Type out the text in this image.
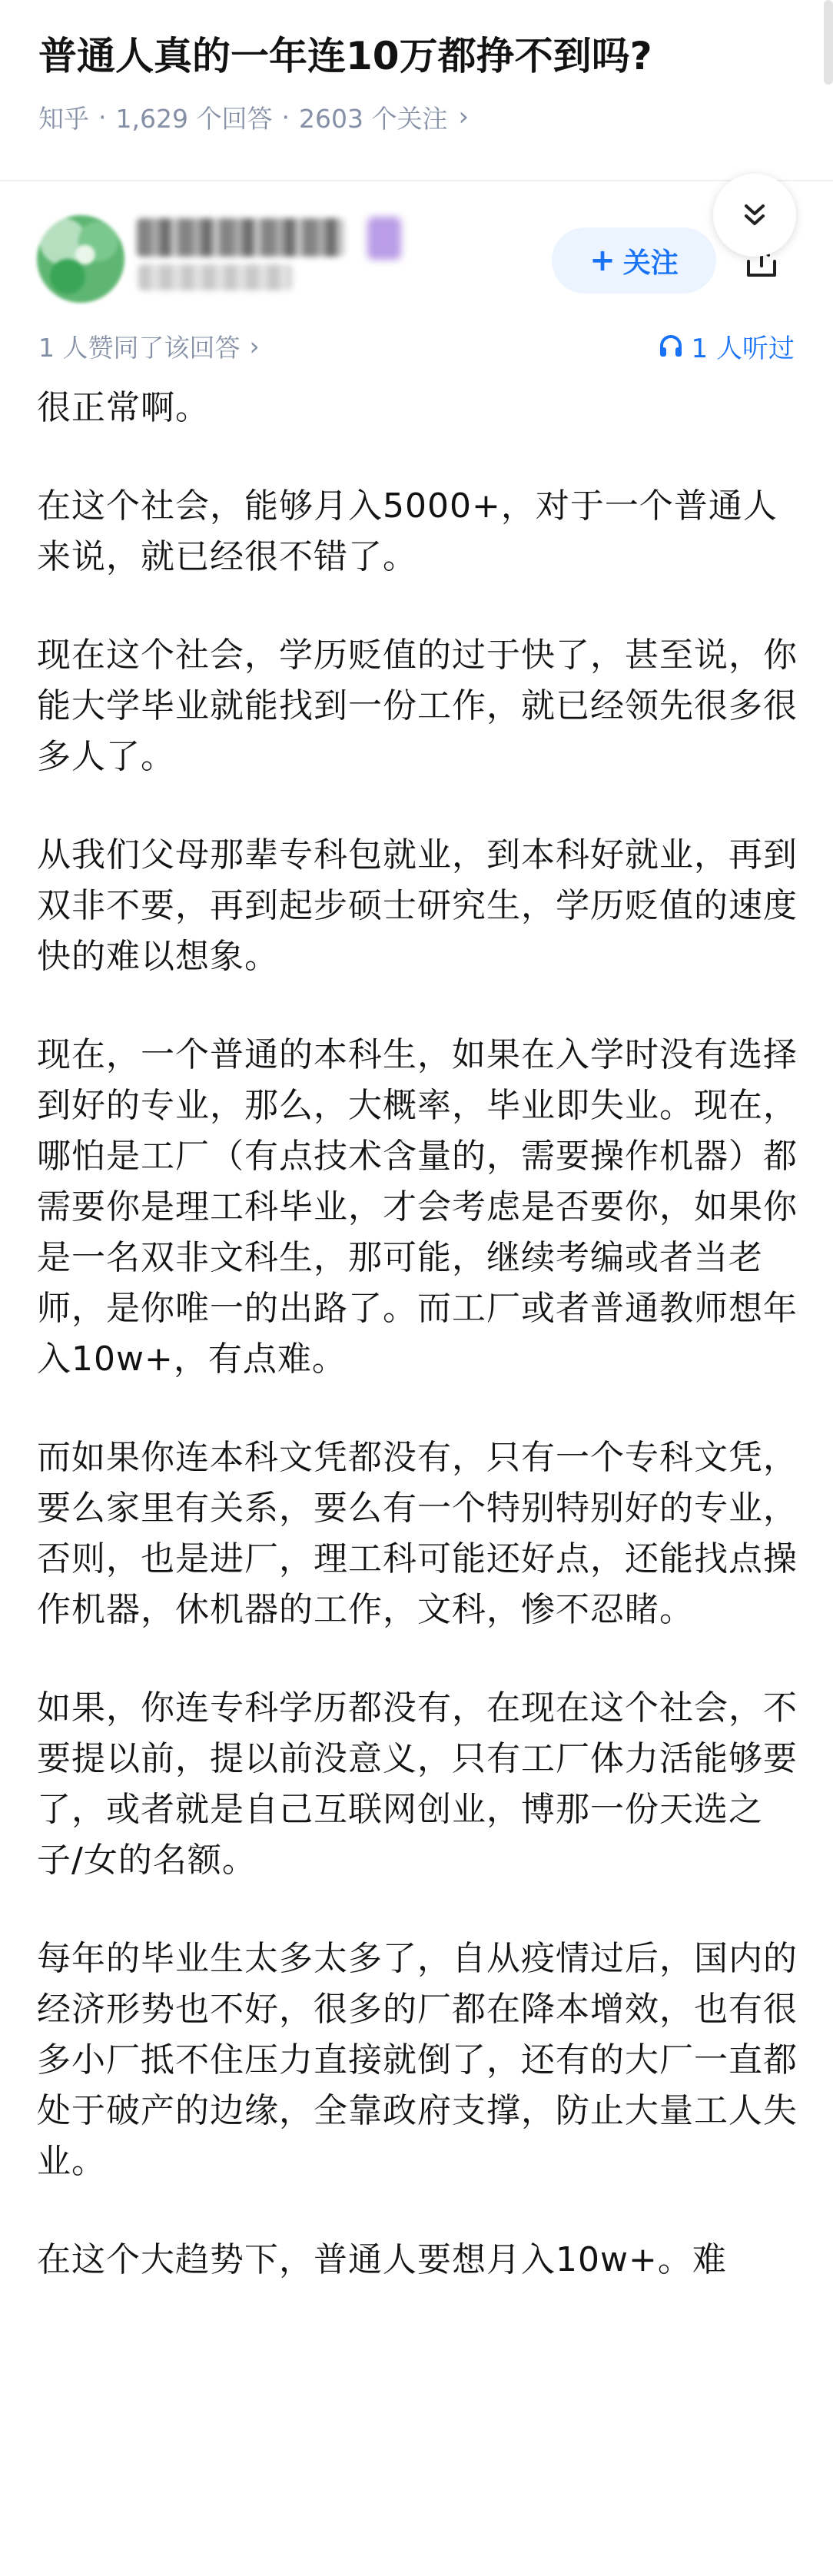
普通人真的一年连10万都挣不到吗?
知乎 · 1,629 个回答 · 2603 个关注 ›
+ 关注
1 人赞同了该回答 ›	1 人听过

很正常啊。

在这个社会，能够月入5000+，对于一个普通人来说，就已经很不错了。

现在这个社会，学历贬值的过于快了，甚至说，你能大学毕业就能找到一份工作，就已经领先很多很多人了。

从我们父母那辈专科包就业，到本科好就业，再到双非不要，再到起步硕士研究生，学历贬值的速度快的难以想象。

现在，一个普通的本科生，如果在入学时没有选择到好的专业，那么，大概率，毕业即失业。现在，哪怕是工厂（有点技术含量的，需要操作机器）都需要你是理工科毕业，才会考虑是否要你，如果你是一名双非文科生，那可能，继续考编或者当老师，是你唯一的出路了。而工厂或者普通教师想年入10w+，有点难。

而如果你连本科文凭都没有，只有一个专科文凭，要么家里有关系，要么有一个特别特别好的专业，否则，也是进厂，理工科可能还好点，还能找点操作机器，休机器的工作，文科，惨不忍睹。

如果，你连专科学历都没有，在现在这个社会，不要提以前，提以前没意义，只有工厂体力活能够要了，或者就是自己互联网创业，博那一份天选之子/女的名额。

每年的毕业生太多太多了，自从疫情过后，国内的经济形势也不好，很多的厂都在降本增效，也有很多小厂抵不住压力直接就倒了，还有的大厂一直都处于破产的边缘，全靠政府支撑，防止大量工人失业。

在这个大趋势下，普通人要想月入10w+。难
